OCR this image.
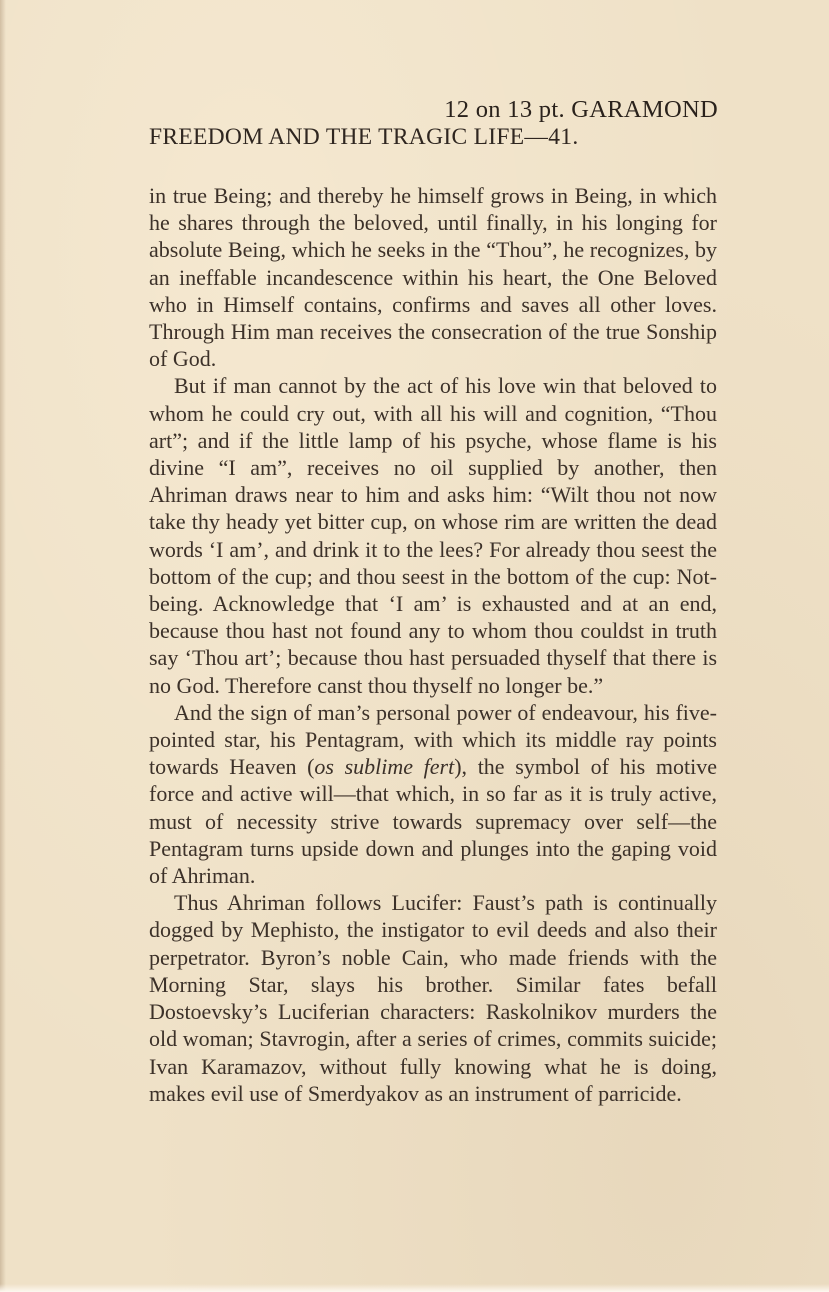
12 on 13 pt. GARAMOND
FREEDOM AND THE TRAGIC LIFE—41.

in true Being; and thereby he himself grows in Being, in which he shares through the beloved, until finally, in his longing for absolute Being, which he seeks in the “Thou”, he recognizes, by an ineffable incandescence within his heart, the One Beloved who in Himself contains, confirms and saves all other loves. Through Him man receives the consecration of the true Sonship of God.

But if man cannot by the act of his love win that beloved to whom he could cry out, with all his will and cognition, “Thou art”; and if the little lamp of his psyche, whose flame is his divine “I am”, receives no oil supplied by another, then Ahriman draws near to him and asks him: “Wilt thou not now take thy heady yet bitter cup, on whose rim are written the dead words ‘I am’, and drink it to the lees? For already thou seest the bottom of the cup; and thou seest in the bottom of the cup: Not-being. Acknowledge that ‘I am’ is exhausted and at an end, because thou hast not found any to whom thou couldst in truth say ‘Thou art’; because thou hast persuaded thyself that there is no God. Therefore canst thou thyself no longer be.”

And the sign of man’s personal power of endeavour, his five-pointed star, his Pentagram, with which its middle ray points towards Heaven (os sublime fert), the symbol of his motive force and active will—that which, in so far as it is truly active, must of necessity strive towards supremacy over self—the Pentagram turns upside down and plunges into the gaping void of Ahriman.

Thus Ahriman follows Lucifer: Faust’s path is continually dogged by Mephisto, the instigator to evil deeds and also their perpetrator. Byron’s noble Cain, who made friends with the Morning Star, slays his brother. Similar fates befall Dostoevsky’s Luciferian characters: Raskolnikov murders the old woman; Stavrogin, after a series of crimes, commits suicide; Ivan Karamazov, without fully knowing what he is doing, makes evil use of Smerdyakov as an instrument of parricide.
